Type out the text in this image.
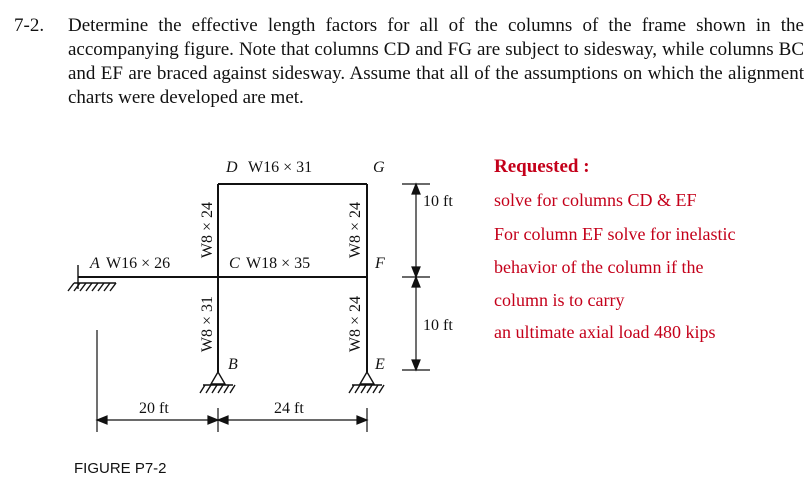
7-2. Determine the effective length factors for all of the columns of the frame shown in the accompanying figure. Note that columns CD and FG are subject to sidesway, while columns BC and EF are braced against sidesway. Assume that all of the assumptions on which the alignment charts were developed are met.
D W16 × 31	G
A W16 × 26	C W18 × 35	F
B	E
W8 × 24
W8 × 31
W8 × 24
W8 × 24
10 ft
10 ft
20 ft	24 ft
FIGURE P7-2
Requested :
solve for columns CD & EF
For column EF solve for inelastic
behavior of the column if the
column is to carry
an ultimate axial load 480 kips
